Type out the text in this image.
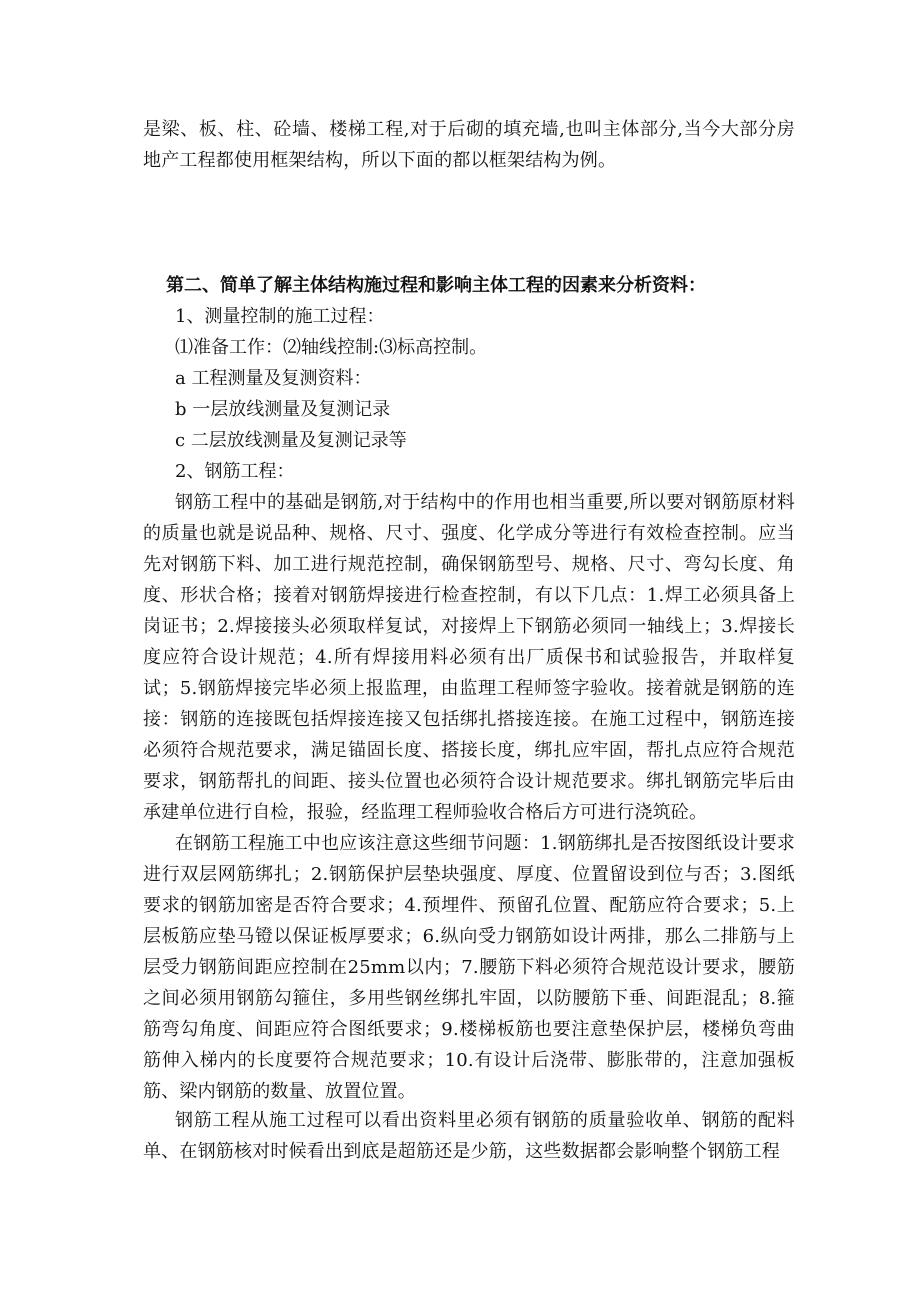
是梁、板、柱、砼墙、楼梯工程,对于后砌的填充墙,也叫主体部分,当今大部分房地产工程都使用框架结构，所以下面的都以框架结构为例。

第二、简单了解主体结构施过程和影响主体工程的因素来分析资料：

1、测量控制的施工过程：

⑴准备工作：⑵轴线控制:⑶标高控制。

a 工程测量及复测资料：

b 一层放线测量及复测记录

c 二层放线测量及复测记录等

2、钢筋工程：

钢筋工程中的基础是钢筋,对于结构中的作用也相当重要,所以要对钢筋原材料的质量也就是说品种、规格、尺寸、强度、化学成分等进行有效检查控制。应当先对钢筋下料、加工进行规范控制，确保钢筋型号、规格、尺寸、弯勾长度、角度、形状合格；接着对钢筋焊接进行检查控制，有以下几点：1.焊工必须具备上岗证书；2.焊接接头必须取样复试，对接焊上下钢筋必须同一轴线上；3.焊接长度应符合设计规范；4.所有焊接用料必须有出厂质保书和试验报告，并取样复试；5.钢筋焊接完毕必须上报监理，由监理工程师签字验收。接着就是钢筋的连接：钢筋的连接既包括焊接连接又包括绑扎搭接连接。在施工过程中，钢筋连接必须符合规范要求，满足锚固长度、搭接长度，绑扎应牢固，帮扎点应符合规范要求，钢筋帮扎的间距、接头位置也必须符合设计规范要求。绑扎钢筋完毕后由承建单位进行自检，报验，经监理工程师验收合格后方可进行浇筑砼。

在钢筋工程施工中也应该注意这些细节问题：1.钢筋绑扎是否按图纸设计要求进行双层网筋绑扎；2.钢筋保护层垫块强度、厚度、位置留设到位与否；3.图纸要求的钢筋加密是否符合要求；4.预埋件、预留孔位置、配筋应符合要求；5.上层板筋应垫马镫以保证板厚要求；6.纵向受力钢筋如设计两排，那么二排筋与上层受力钢筋间距应控制在25mm以内；7.腰筋下料必须符合规范设计要求，腰筋之间必须用钢筋勾箍住，多用些钢丝绑扎牢固，以防腰筋下垂、间距混乱；8.箍筋弯勾角度、间距应符合图纸要求；9.楼梯板筋也要注意垫保护层，楼梯负弯曲筋伸入梯内的长度要符合规范要求；10.有设计后浇带、膨胀带的，注意加强板筋、梁内钢筋的数量、放置位置。

钢筋工程从施工过程可以看出资料里必须有钢筋的质量验收单、钢筋的配料单、在钢筋核对时候看出到底是超筋还是少筋，这些数据都会影响整个钢筋工程
